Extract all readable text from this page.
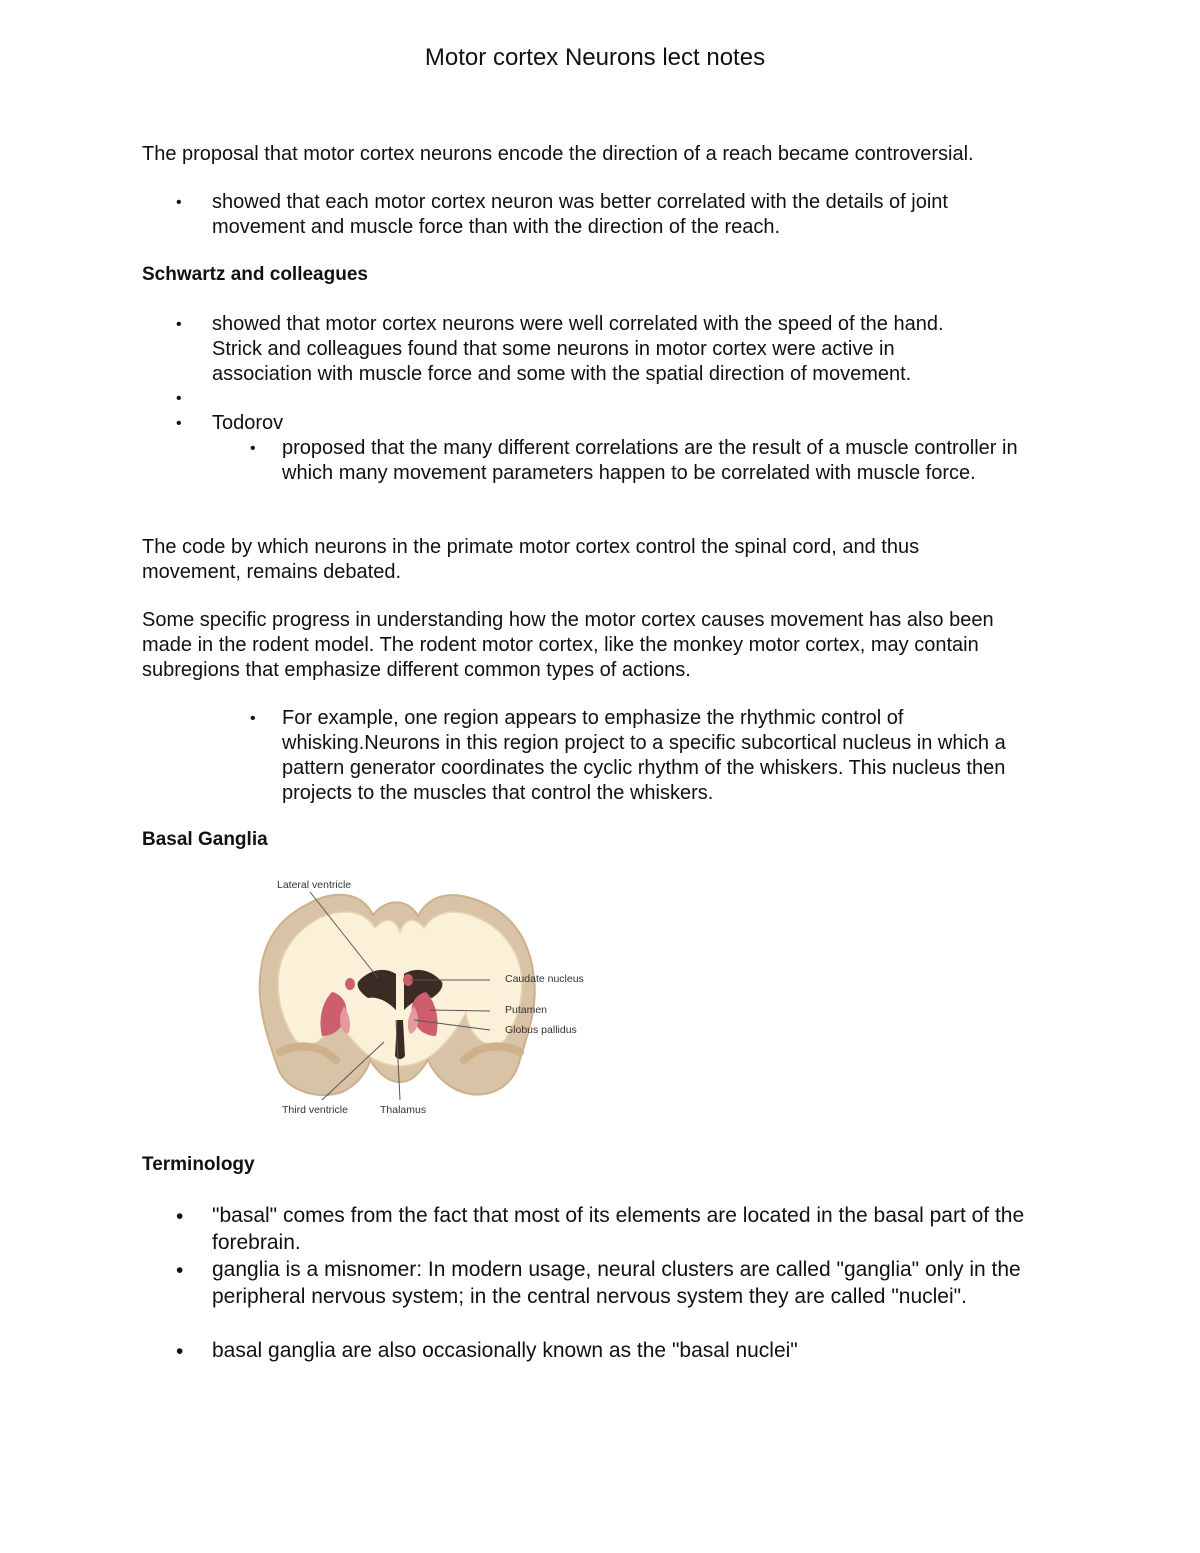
Motor cortex Neurons lect notes

The proposal that motor cortex neurons encode the direction of a reach became controversial.

• showed that each motor cortex neuron was better correlated with the details of joint movement and muscle force than with the direction of the reach.

Schwartz and colleagues
• showed that motor cortex neurons were well correlated with the speed of the hand.

Strick and colleagues found that some neurons in motor cortex were active in association with muscle force and some with the spatial direction of movement.

•
• Todorov

• proposed that the many different correlations are the result of a muscle controller in which many movement parameters happen to be correlated with muscle force.

The code by which neurons in the primate motor cortex control the spinal cord, and thus movement, remains debated.

Some specific progress in understanding how the motor cortex causes movement has also been made in the rodent model. The rodent motor cortex, like the monkey motor cortex, may contain subregions that emphasize different common types of actions.

• For example, one region appears to emphasize the rhythmic control of whisking.Neurons in this region project to a specific subcortical nucleus in which a pattern generator coordinates the cyclic rhythm of the whiskers. This nucleus then projects to the muscles that control the whiskers.

Basal Ganglia
Lateral ventricle
Caudate nucleus
Putamen
Globus pallidus
Third ventricle	Thalamus
Terminology
• "basal" comes from the fact that most of its elements are located in the basal part of the forebrain.

• ganglia is a misnomer: In modern usage, neural clusters are called "ganglia" only in the peripheral nervous system; in the central nervous system they are called "nuclei".

• basal ganglia are also occasionally known as the "basal nuclei"
